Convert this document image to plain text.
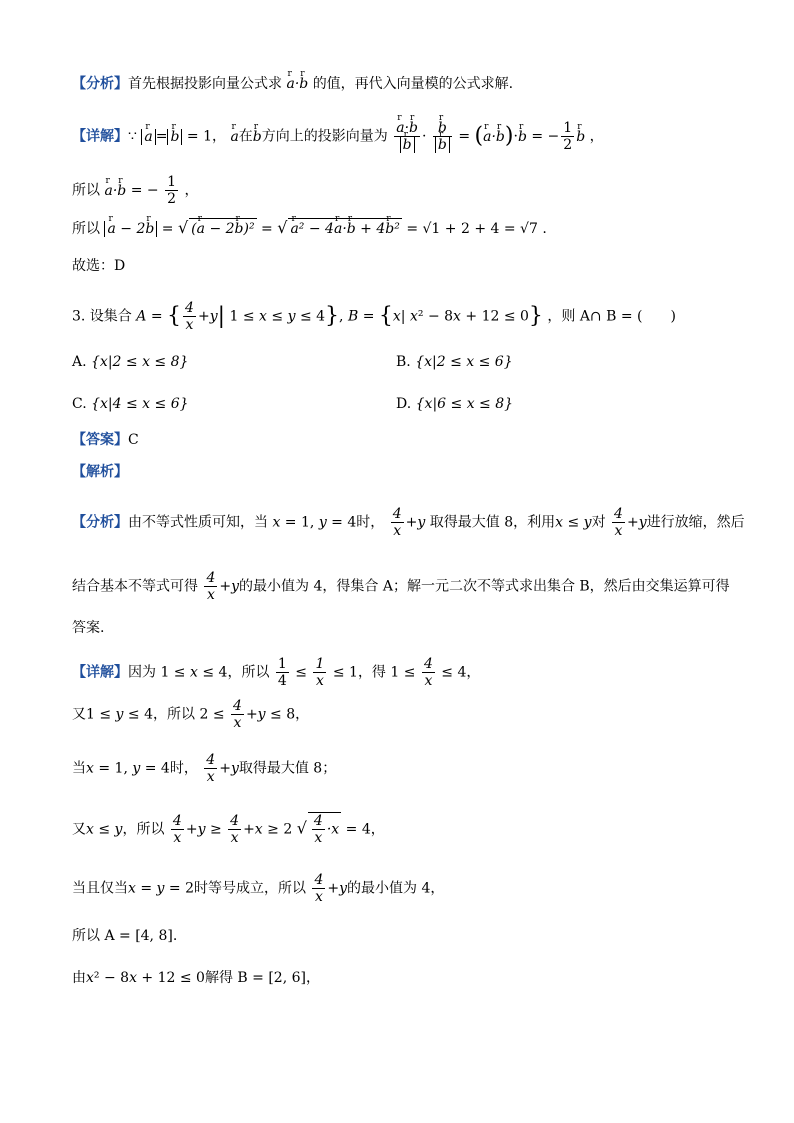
【分析】首先根据投影向量公式求 r a·r b 的值，再代入向量模的公式求解.
【详解】∵ r a = r b = 1， r a在r b方向上的投影向量为 r a·r b
r b · r b
r b = (r a·r b)·r b = − $\frac{1}{2}$ r b ，
所以 r a·r b = − $\frac{1}{2}$ ，
所以 r a − 2r b = √ (r a − 2r b)² = √ r a² − 4r a·r b + 4r b² = √1 + 2 + 4 = √7 .
故选：D
3. 设集合 A = { $\frac{4}{x} +y|$ 1 ≤ x ≤ y ≤ 4}, B = {x| x² − 8x + 12 ≤ 0} ，则 A∩ B = (　　)
A. {x|2 ≤ x ≤ 8}	B. {x|2 ≤ x ≤ 6}
C. {x|4 ≤ x ≤ 6}	D. {x|6 ≤ x ≤ 8}
【答案】C
【解析】
【分析】由不等式性质可知，当 x = 1, y = 4时， $\frac{4}{x} +y$ 取得最大值 8，利用x ≤ y对 $\frac{4}{x} +y$进行放缩，然后
结合基本不等式可得 $\frac{4}{x} +y$的最小值为 4，得集合 A；解一元二次不等式求出集合 B，然后由交集运算可得
答案.
【详解】因为 1 ≤ x ≤ 4，所以 $\frac{1}{4} \le \frac{1}{x} \le 1$，得 $1 \le \frac{4}{x} \le 4$，
又1 ≤ y ≤ 4，所以 $2 \le \frac{4}{x} +y \le 8$，
当x = 1, y = 4时， $\frac{4}{x} +y$取得最大值 8；
又x ≤ y，所以 $\frac{4}{x} +y \ge \frac{4}{x} +x \ge 2$ √ $\frac{4}{x} \cdot x = 4$，
当且仅当x = y = 2时等号成立，所以 $\frac{4}{x} +y$的最小值为 4，
所以 A = [4, 8].
由x² − 8x + 12 ≤ 0解得 B = [2, 6]，
